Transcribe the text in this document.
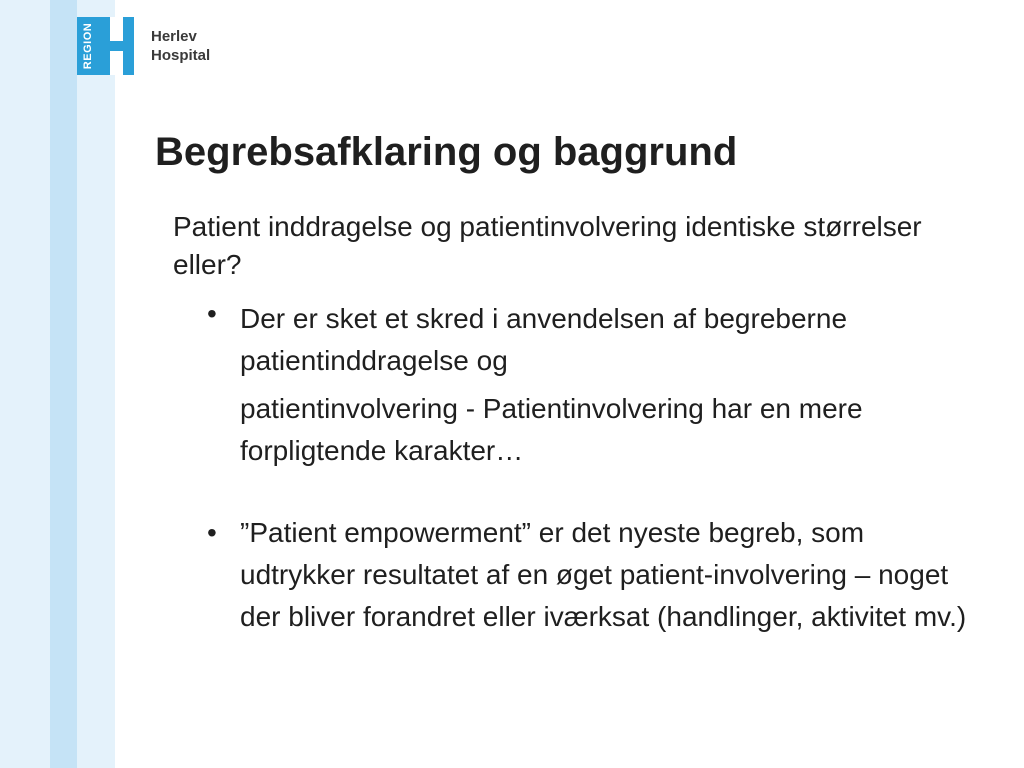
REGION	Herlev
Hospital
Begrebsafklaring og baggrund

Patient inddragelse og patientinvolvering identiske størrelser eller?

• Der er sket et skred i anvendelsen af begreberne patientinddragelse og
patientinvolvering - Patientinvolvering har en mere forpligtende karakter…
• ”Patient empowerment” er det nyeste begreb, som udtrykker resultatet af en øget patient-involvering – noget der bliver forandret eller iværksat (handlinger, aktivitet mv.)
